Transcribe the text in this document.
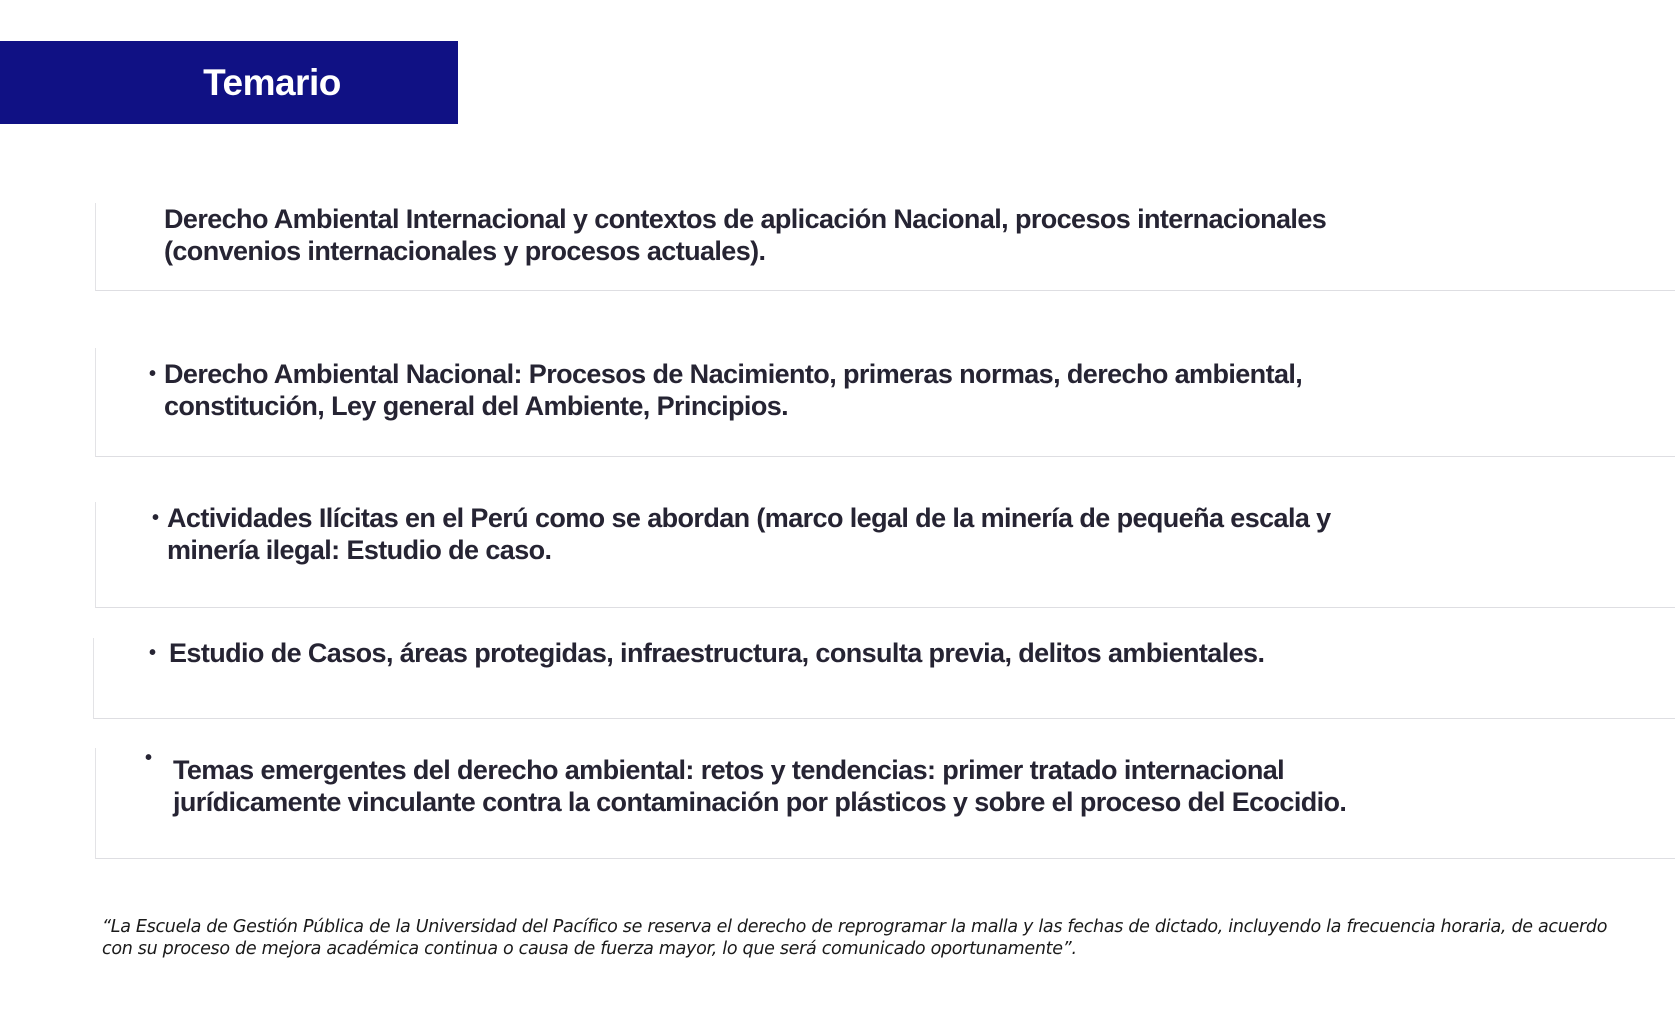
Temario
Derecho Ambiental Internacional y contextos de aplicación Nacional, procesos internacionales (convenios internacionales y procesos actuales).
• Derecho Ambiental Nacional: Procesos de Nacimiento, primeras normas, derecho ambiental, constitución, Ley general del Ambiente, Principios.
• Actividades Ilícitas en el Perú como se abordan (marco legal de la minería de pequeña escala y minería ilegal: Estudio de caso.
• Estudio de Casos, áreas protegidas, infraestructura, consulta previa, delitos ambientales.
• Temas emergentes del derecho ambiental: retos y tendencias: primer tratado internacional jurídicamente vinculante contra la contaminación por plásticos y sobre el proceso del Ecocidio.
“La Escuela de Gestión Pública de la Universidad del Pacífico se reserva el derecho de reprogramar la malla y las fechas de dictado, incluyendo la frecuencia horaria, de acuerdo con su proceso de mejora académica continua o causa de fuerza mayor, lo que será comunicado oportunamente”.
